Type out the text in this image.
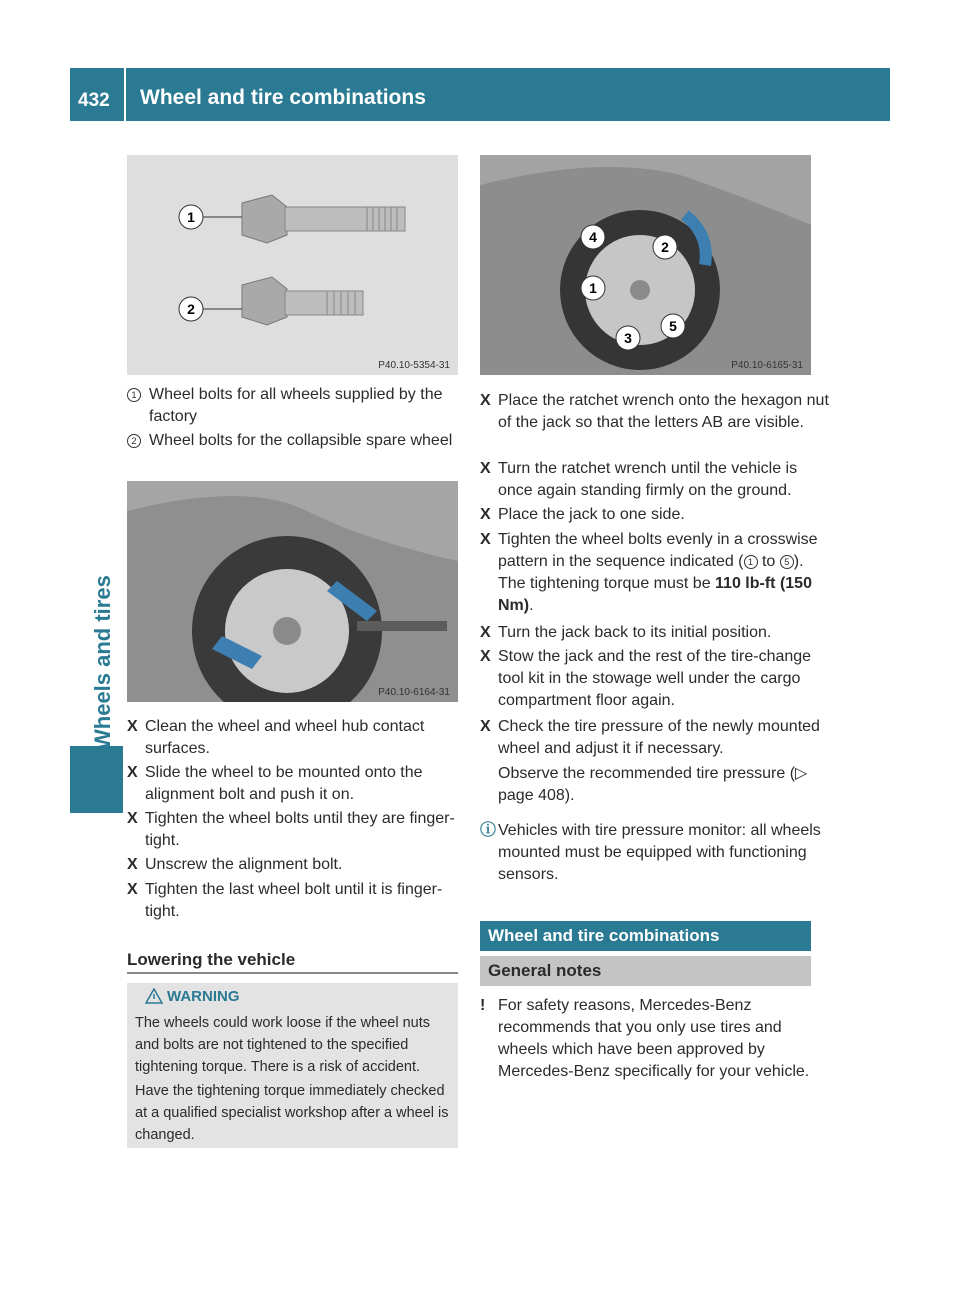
432	Wheel and tire combinations
Wheels and tires
1
2
P40.10-5354-31
1 Wheel bolts for all wheels supplied by the factory
2 Wheel bolts for the collapsible spare wheel
P40.10-6164-31
X Clean the wheel and wheel hub contact surfaces.
X Slide the wheel to be mounted onto the alignment bolt and push it on.
X Tighten the wheel bolts until they are finger-tight.
X Unscrew the alignment bolt.
X Tighten the last wheel bolt until it is finger-tight.
Lowering the vehicle
WARNING
The wheels could work loose if the wheel nuts and bolts are not tightened to the specified tightening torque. There is a risk of accident.
Have the tightening torque immediately checked at a qualified specialist workshop after a wheel is changed.
4
2
1
3
5
P40.10-6165-31
X Place the ratchet wrench onto the hexagon nut of the jack so that the letters AB are visible.
X Turn the ratchet wrench until the vehicle is once again standing firmly on the ground.
X Place the jack to one side.
X Tighten the wheel bolts evenly in a crosswise pattern in the sequence indicated ( 1 to 5 ). The tightening torque must be 110 lb-ft (150 Nm).
X Turn the jack back to its initial position.
X Stow the jack and the rest of the tire-change tool kit in the stowage well under the cargo compartment floor again.
X Check the tire pressure of the newly mounted wheel and adjust it if necessary.
Observe the recommended tire pressure (▷ page 408).
ⓘ Vehicles with tire pressure monitor: all wheels mounted must be equipped with functioning sensors.
Wheel and tire combinations
General notes
! For safety reasons, Mercedes-Benz recommends that you only use tires and wheels which have been approved by Mercedes-Benz specifically for your vehicle.
